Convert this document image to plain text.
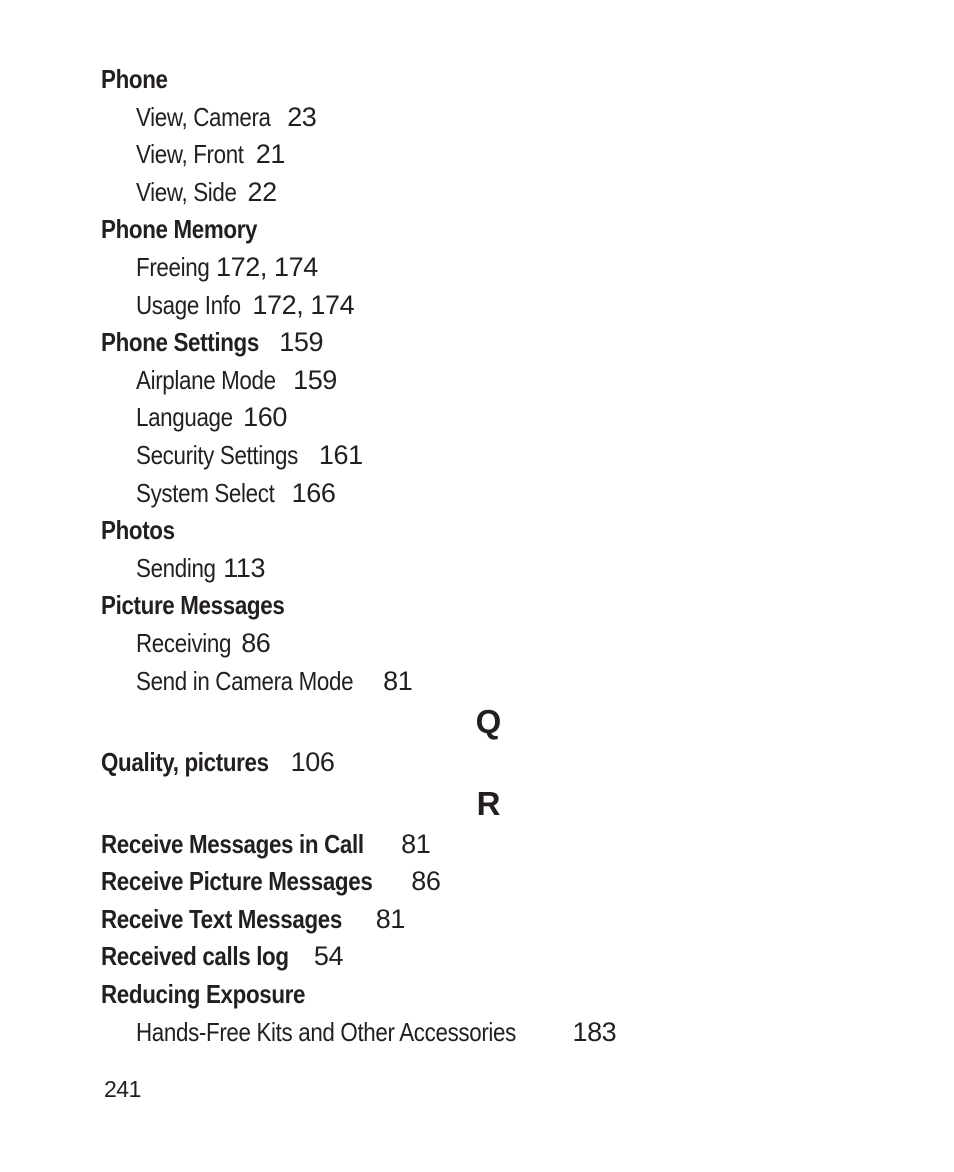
Phone
View, Camera 23
View, Front 21
View, Side 22
Phone Memory
Freeing 172, 174
Usage Info 172, 174
Phone Settings 159
Airplane Mode 159
Language 160
Security Settings 161
System Select 166
Photos
Sending 113
Picture Messages
Receiving 86
Send in Camera Mode 81
Q
Quality, pictures 106
R
Receive Messages in Call 81
Receive Picture Messages 86
Receive Text Messages 81
Received calls log 54
Reducing Exposure
Hands-Free Kits and Other Accessories 183
241
